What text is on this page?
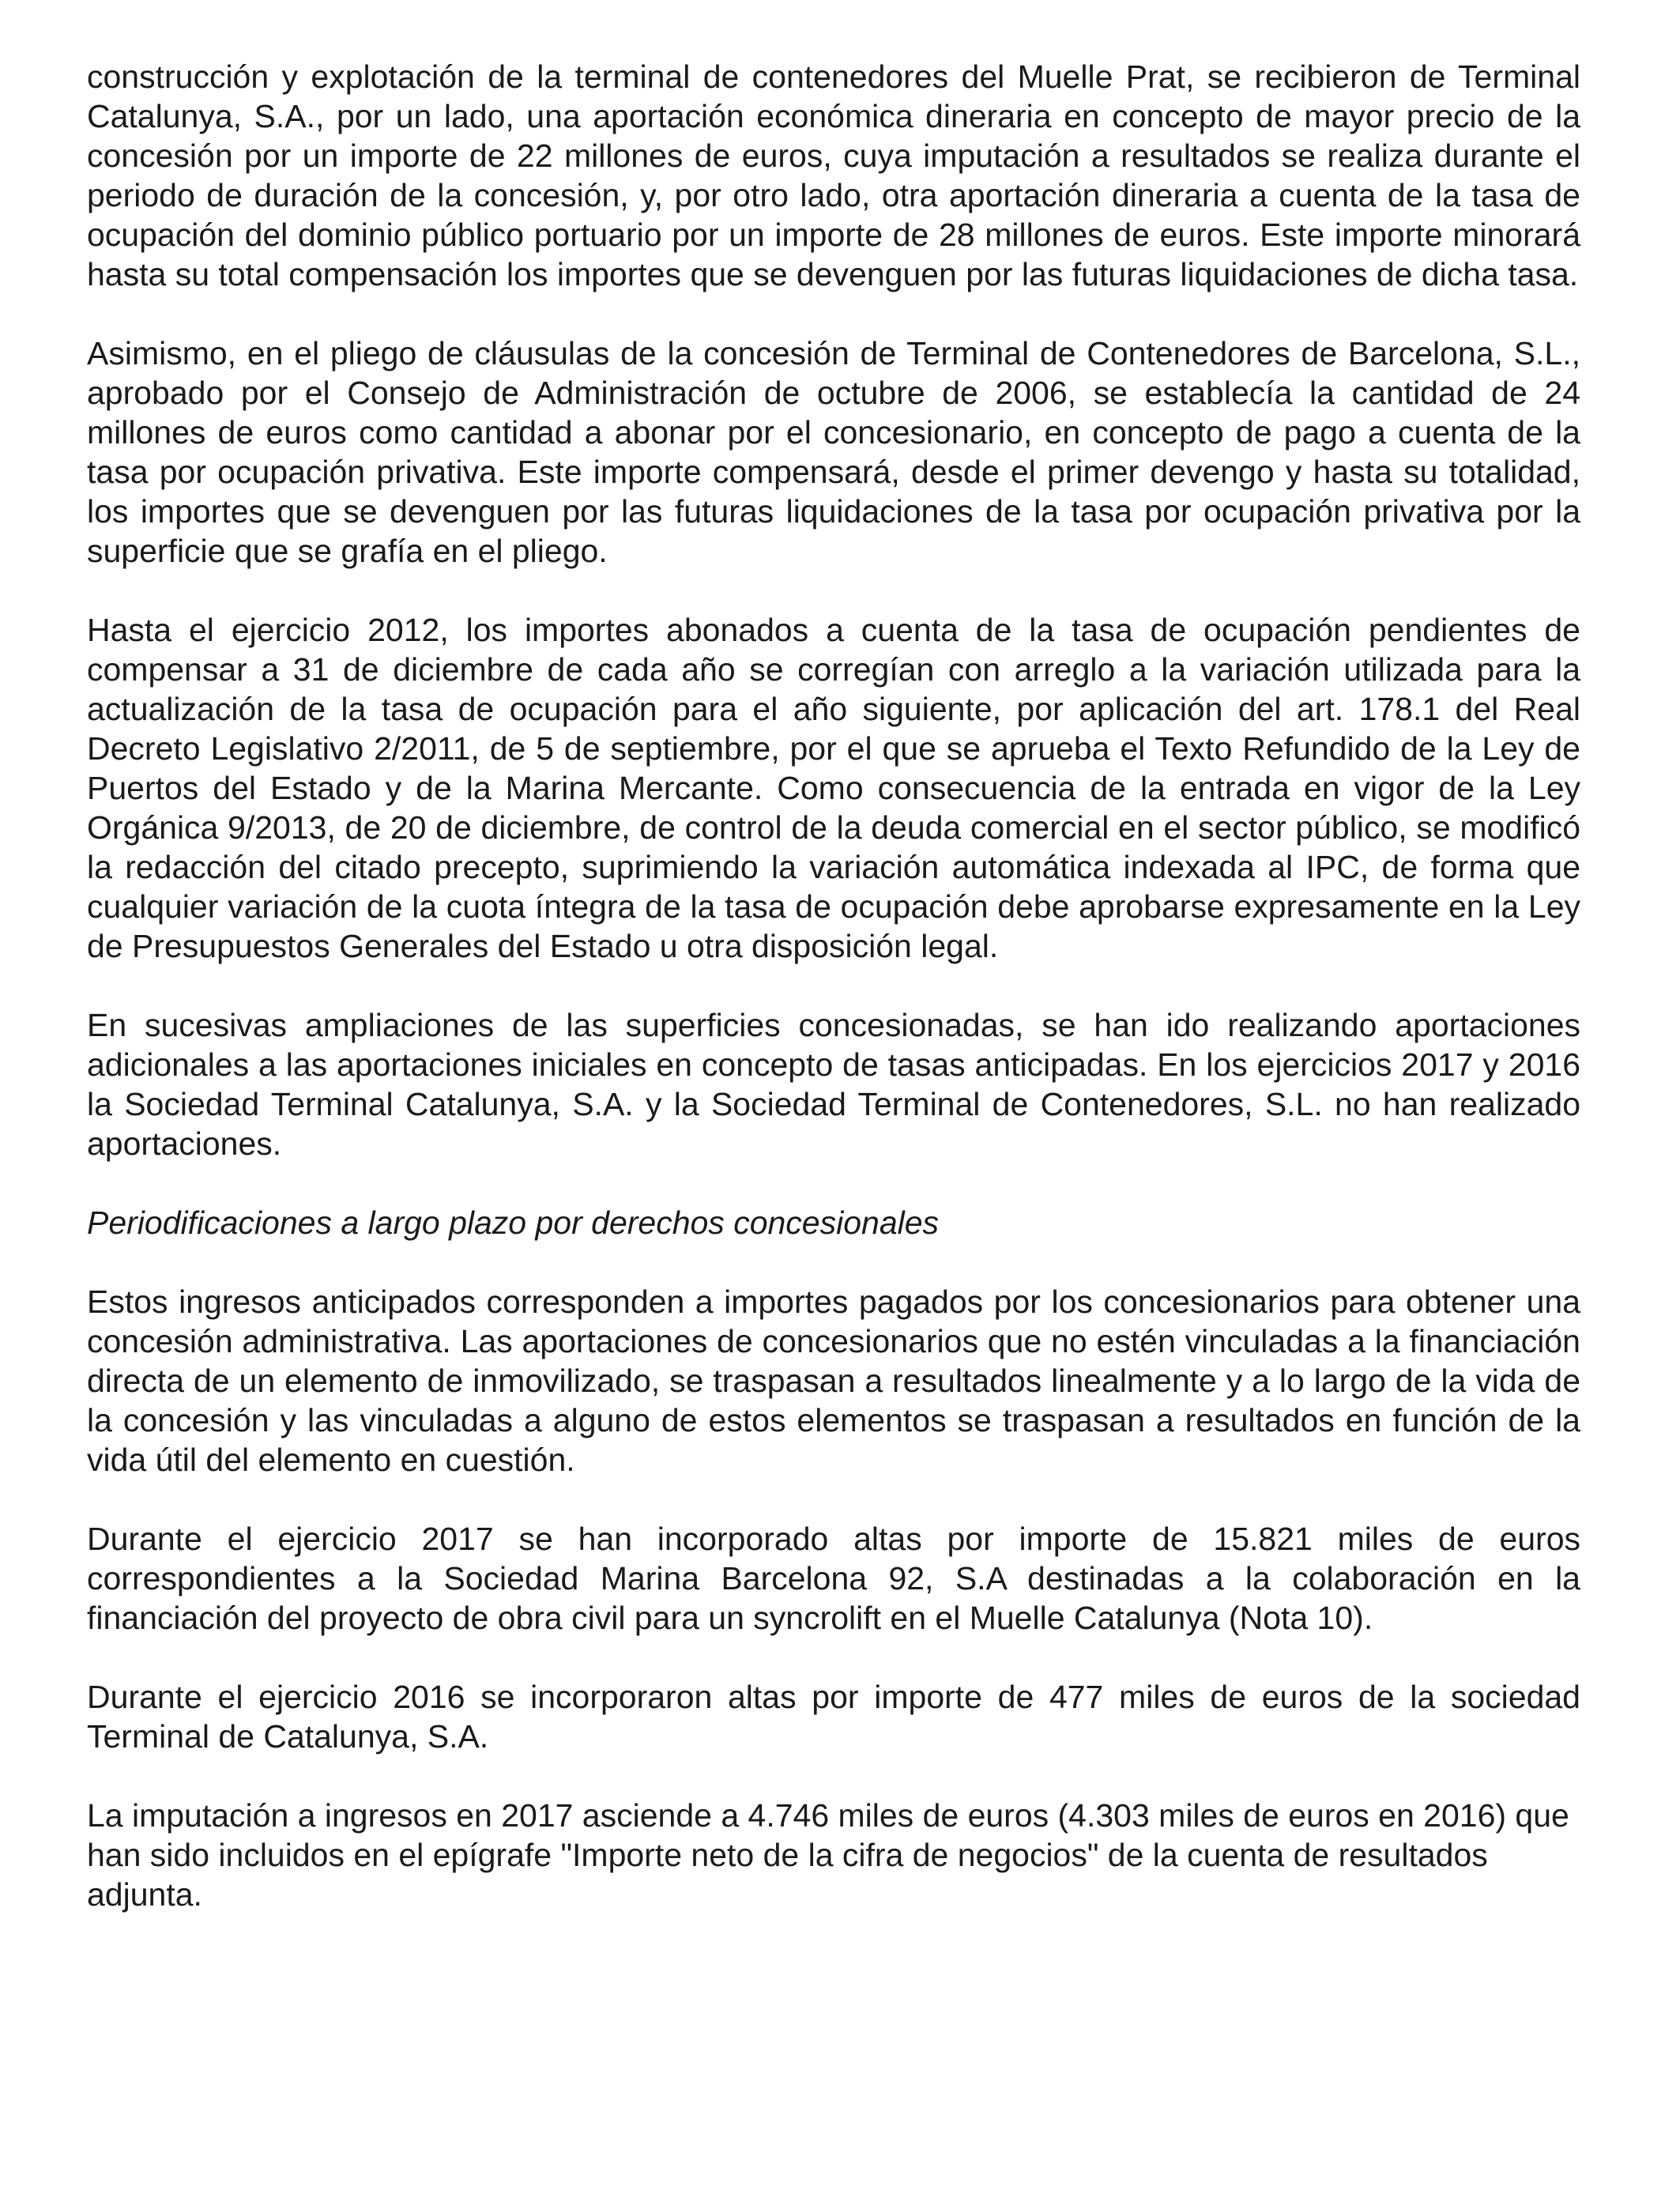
construcción y explotación de la terminal de contenedores del Muelle Prat, se recibieron de Terminal Catalunya, S.A., por un lado, una aportación económica dineraria en concepto de mayor precio de la concesión por un importe de 22 millones de euros, cuya imputación a resultados se realiza durante el periodo de duración de la concesión, y, por otro lado, otra aportación dineraria a cuenta de la tasa de ocupación del dominio público portuario por un importe de 28 millones de euros. Este importe minorará hasta su total compensación los importes que se devenguen por las futuras liquidaciones de dicha tasa.

Asimismo, en el pliego de cláusulas de la concesión de Terminal de Contenedores de Barcelona, S.L., aprobado por el Consejo de Administración de octubre de 2006, se establecía la cantidad de 24 millones de euros como cantidad a abonar por el concesionario, en concepto de pago a cuenta de la tasa por ocupación privativa. Este importe compensará, desde el primer devengo y hasta su totalidad, los importes que se devenguen por las futuras liquidaciones de la tasa por ocupación privativa por la superficie que se grafía en el pliego.

Hasta el ejercicio 2012, los importes abonados a cuenta de la tasa de ocupación pendientes de compensar a 31 de diciembre de cada año se corregían con arreglo a la variación utilizada para la actualización de la tasa de ocupación para el año siguiente, por aplicación del art. 178.1 del Real Decreto Legislativo 2/2011, de 5 de septiembre, por el que se aprueba el Texto Refundido de la Ley de Puertos del Estado y de la Marina Mercante. Como consecuencia de la entrada en vigor de la Ley Orgánica 9/2013, de 20 de diciembre, de control de la deuda comercial en el sector público, se modificó la redacción del citado precepto, suprimiendo la variación automática indexada al IPC, de forma que cualquier variación de la cuota íntegra de la tasa de ocupación debe aprobarse expresamente en la Ley de Presupuestos Generales del Estado u otra disposición legal.

En sucesivas ampliaciones de las superficies concesionadas, se han ido realizando aportaciones adicionales a las aportaciones iniciales en concepto de tasas anticipadas. En los ejercicios 2017 y 2016 la Sociedad Terminal Catalunya, S.A. y la Sociedad Terminal de Contenedores, S.L. no han realizado aportaciones.

Periodificaciones a largo plazo por derechos concesionales

Estos ingresos anticipados corresponden a importes pagados por los concesionarios para obtener una concesión administrativa. Las aportaciones de concesionarios que no estén vinculadas a la financiación directa de un elemento de inmovilizado, se traspasan a resultados linealmente y a lo largo de la vida de la concesión y las vinculadas a alguno de estos elementos se traspasan a resultados en función de la vida útil del elemento en cuestión.

Durante el ejercicio 2017 se han incorporado altas por importe de 15.821 miles de euros correspondientes a la Sociedad Marina Barcelona 92, S.A destinadas a la colaboración en la financiación del proyecto de obra civil para un syncrolift en el Muelle Catalunya (Nota 10).

Durante el ejercicio 2016 se incorporaron altas por importe de 477 miles de euros de la sociedad Terminal de Catalunya, S.A.

La imputación a ingresos en 2017 asciende a 4.746 miles de euros (4.303 miles de euros en 2016) que han sido incluidos en el epígrafe "Importe neto de la cifra de negocios" de la cuenta de resultados adjunta.
